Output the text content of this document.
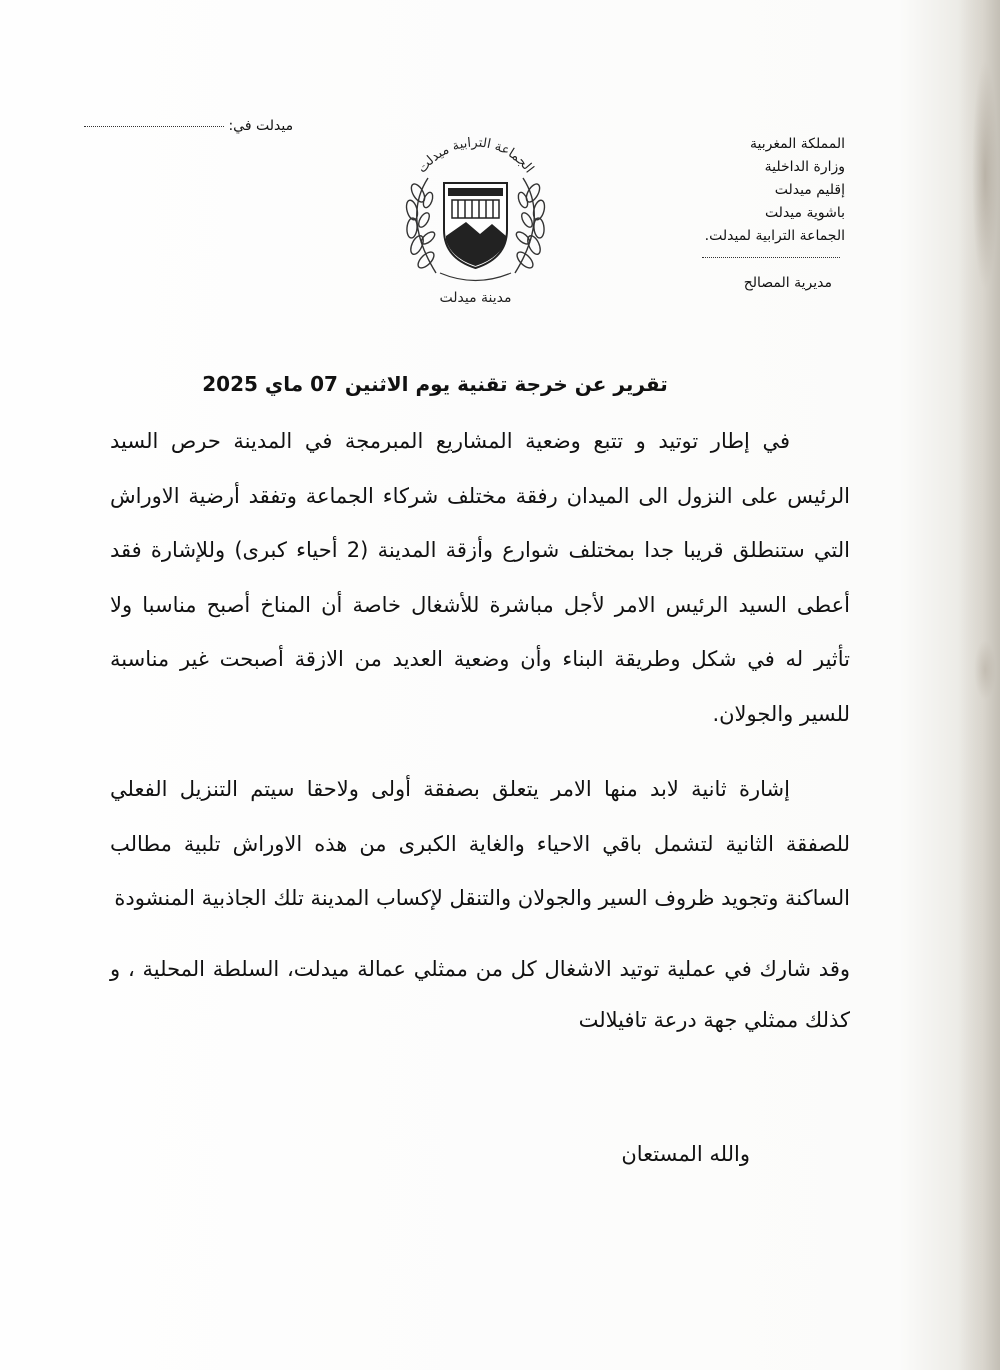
المملكة المغربية
وزارة الداخلية
إقليم ميدلت
باشوية ميدلت
الجماعة الترابية لميدلت.
مديرية المصالح
ميدلت في:
الجماعة الترابية ميدلت
مدينة ميدلت
تقرير عن خرجة تقنية يوم الاثنين 07 ماي 2025

في إطار توتيد و تتبع وضعية المشاريع المبرمجة في المدينة حرص السيد الرئيس على النزول الى الميدان رفقة مختلف شركاء الجماعة وتفقد أرضية الاوراش التي ستنطلق قريبا جدا بمختلف شوارع وأزقة المدينة (2 أحياء كبرى) وللإشارة فقد أعطى السيد الرئيس الامر لأجل مباشرة للأشغال خاصة أن المناخ أصبح مناسبا ولا تأثير له في شكل وطريقة البناء وأن وضعية العديد من الازقة أصبحت غير مناسبة للسير والجولان.

إشارة ثانية لابد منها الامر يتعلق بصفقة أولى ولاحقا سيتم التنزيل الفعلي للصفقة الثانية لتشمل باقي الاحياء والغاية الكبرى من هذه الاوراش تلبية مطالب الساكنة وتجويد ظروف السير والجولان والتنقل لإكساب المدينة تلك الجاذبية المنشودة

وقد شارك في عملية توتيد الاشغال كل من ممثلي عمالة ميدلت، السلطة المحلية ، و كذلك ممثلي جهة درعة تافيلالت

والله المستعان
